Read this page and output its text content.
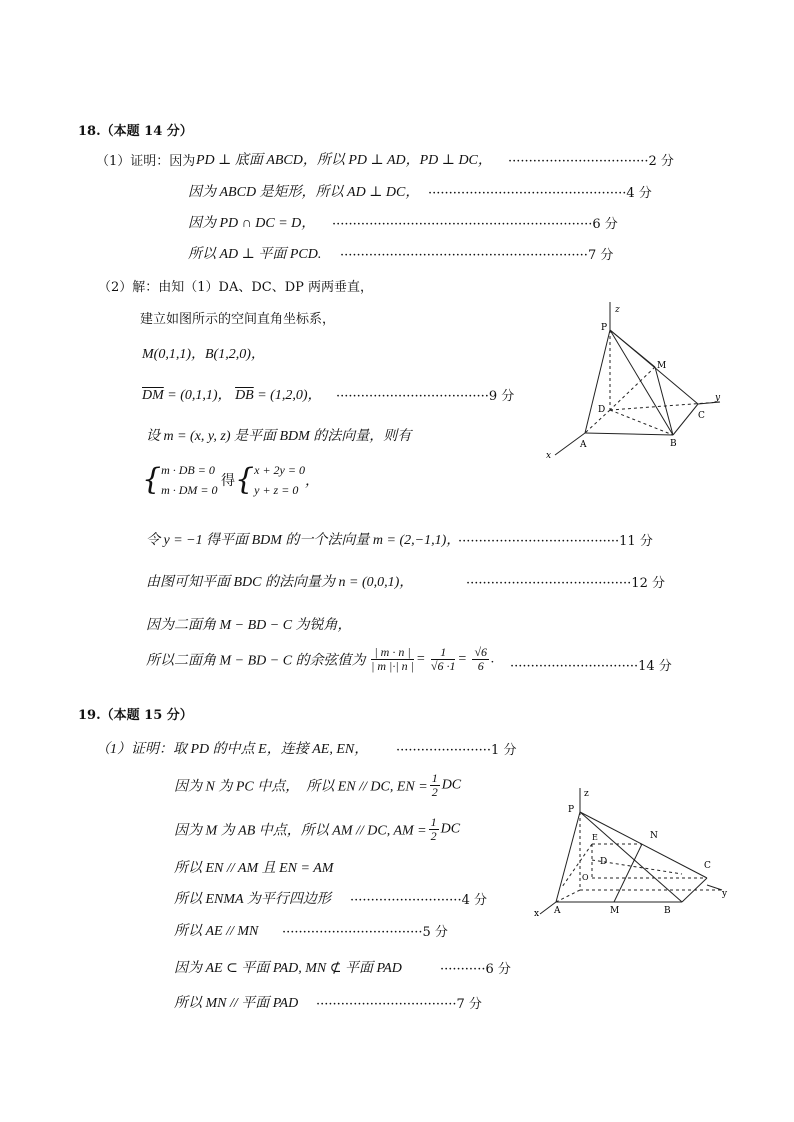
18.（本题 14 分）
（1）证明：因为 PD ⊥ 底面 ABCD，所以 PD ⊥ AD，PD ⊥ DC， ··································2 分
因为 ABCD 是矩形，所以 AD ⊥ DC， ················································4 分
因为 PD ∩ DC = D， ·······························································6 分
所以 AD ⊥ 平面 PCD. ····························································7 分
（2）解：由知（1）DA、DC、DP 两两垂直，
建立如图所示的空间直角坐标系，
M(0,1,1)，B(1,2,0)，
$\overline{DM} = (0,1,1)$， $\overline{DB} = (1,2,0)$， ·····································9 分
设 m = (x, y, z) 是平面 BDM 的法向量，则有
{ m · DB = 0
m · DM = 0
得{ x + 2y = 0
y + z = 0
，
令 y = −1 得平面 BDM 的一个法向量 m = (2,−1,1)，
·······································11 分
由图可知平面 BDC 的法向量为 n = (0,0,1)，	········································12 分
因为二面角 M − BD − C 为锐角，
所以二面角 M − BD − C 的余弦值为 $\frac{| m \cdot n |}{| m |\cdot| n |} = \frac{1}{√6 \cdot 1} = \frac{√6}{6}$ . ·······························14 分
P
z
M
y
D
C
A	B
x
19.（本题 15 分）
（1）证明：取 PD 的中点 E，连接 AE, EN， ·······················1 分
因为 N 为 PC 中点，　所以 EN // DC, EN = $\frac{1}{2}$ DC
因为 M 为 AB 中点，所以 AM // DC, AM = $\frac{1}{2}$ DC
所以 EN // AM 且 EN = AM
所以 ENMA 为平行四边形 ···························4 分
所以 AE // MN ··································5 分
因为 AE ⊂ 平面 PAD, MN ⊄ 平面 PAD	···········6 分
所以 MN // 平面 PAD ··································7 分
P
z
E	N
D
O
C
y
x A	M	B
